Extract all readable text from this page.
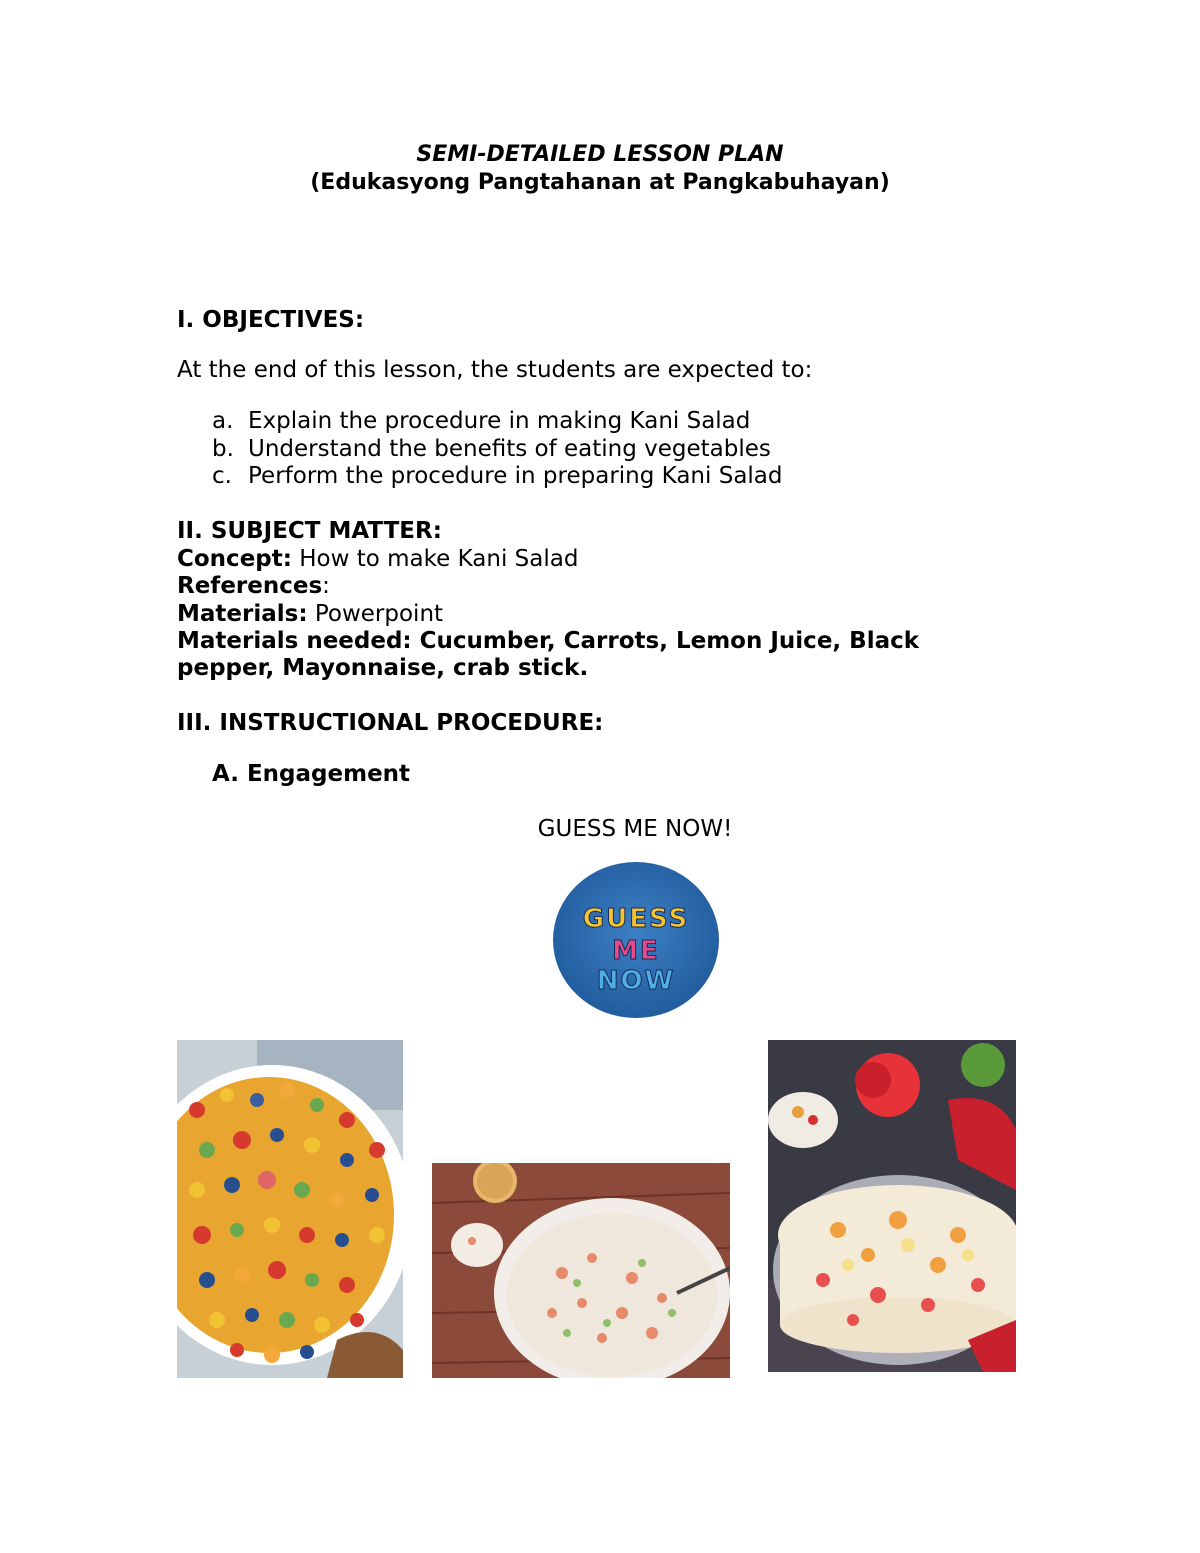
SEMI-DETAILED LESSON PLAN
(Edukasyong Pangtahanan at Pangkabuhayan)
I. OBJECTIVES:
At the end of this lesson, the students are expected to:
a. Explain the procedure in making Kani Salad
b. Understand the benefits of eating vegetables
c. Perform the procedure in preparing Kani Salad
II. SUBJECT MATTER:
Concept: How to make Kani Salad
References:
Materials: Powerpoint
Materials needed: Cucumber, Carrots, Lemon Juice, Black
pepper, Mayonnaise, crab stick.
III. INSTRUCTIONAL PROCEDURE:
A. Engagement
GUESS ME NOW!
GUESS
ME
NOW
